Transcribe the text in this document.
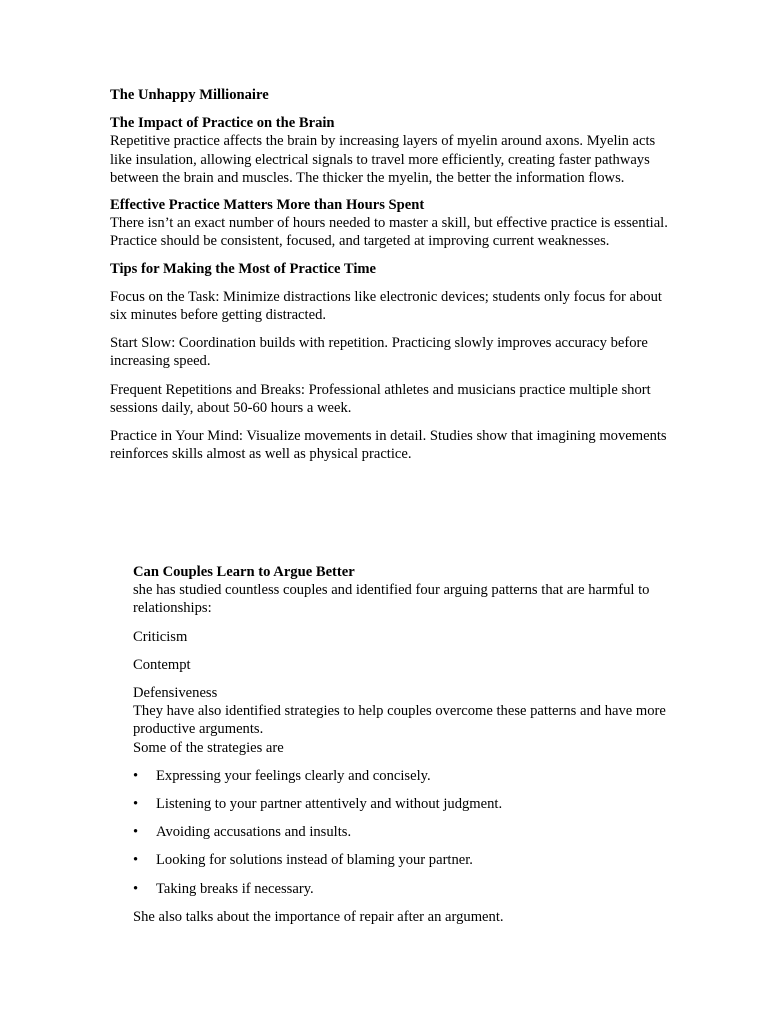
The Unhappy Millionaire

The Impact of Practice on the Brain
Repetitive practice affects the brain by increasing layers of myelin around axons. Myelin acts like insulation, allowing electrical signals to travel more efficiently, creating faster pathways between the brain and muscles. The thicker the myelin, the better the information flows.
Effective Practice Matters More than Hours Spent
There isn’t an exact number of hours needed to master a skill, but effective practice is essential. Practice should be consistent, focused, and targeted at improving current weaknesses.

Tips for Making the Most of Practice Time

Focus on the Task: Minimize distractions like electronic devices; students only focus for about six minutes before getting distracted.

Start Slow: Coordination builds with repetition. Practicing slowly improves accuracy before increasing speed.

Frequent Repetitions and Breaks: Professional athletes and musicians practice multiple short sessions daily, about 50-60 hours a week.

Practice in Your Mind: Visualize movements in detail. Studies show that imagining movements reinforces skills almost as well as physical practice.

Can Couples Learn to Argue Better

she has studied countless couples and identified four arguing patterns that are harmful to relationships:

Criticism

Contempt

Defensiveness

They have also identified strategies to help couples overcome these patterns and have more productive arguments.

Some of the strategies are

•	Expressing your feelings clearly and concisely.
•	Listening to your partner attentively and without judgment.
•	Avoiding accusations and insults.
•	Looking for solutions instead of blaming your partner.
•	Taking breaks if necessary.

She also talks about the importance of repair after an argument.
